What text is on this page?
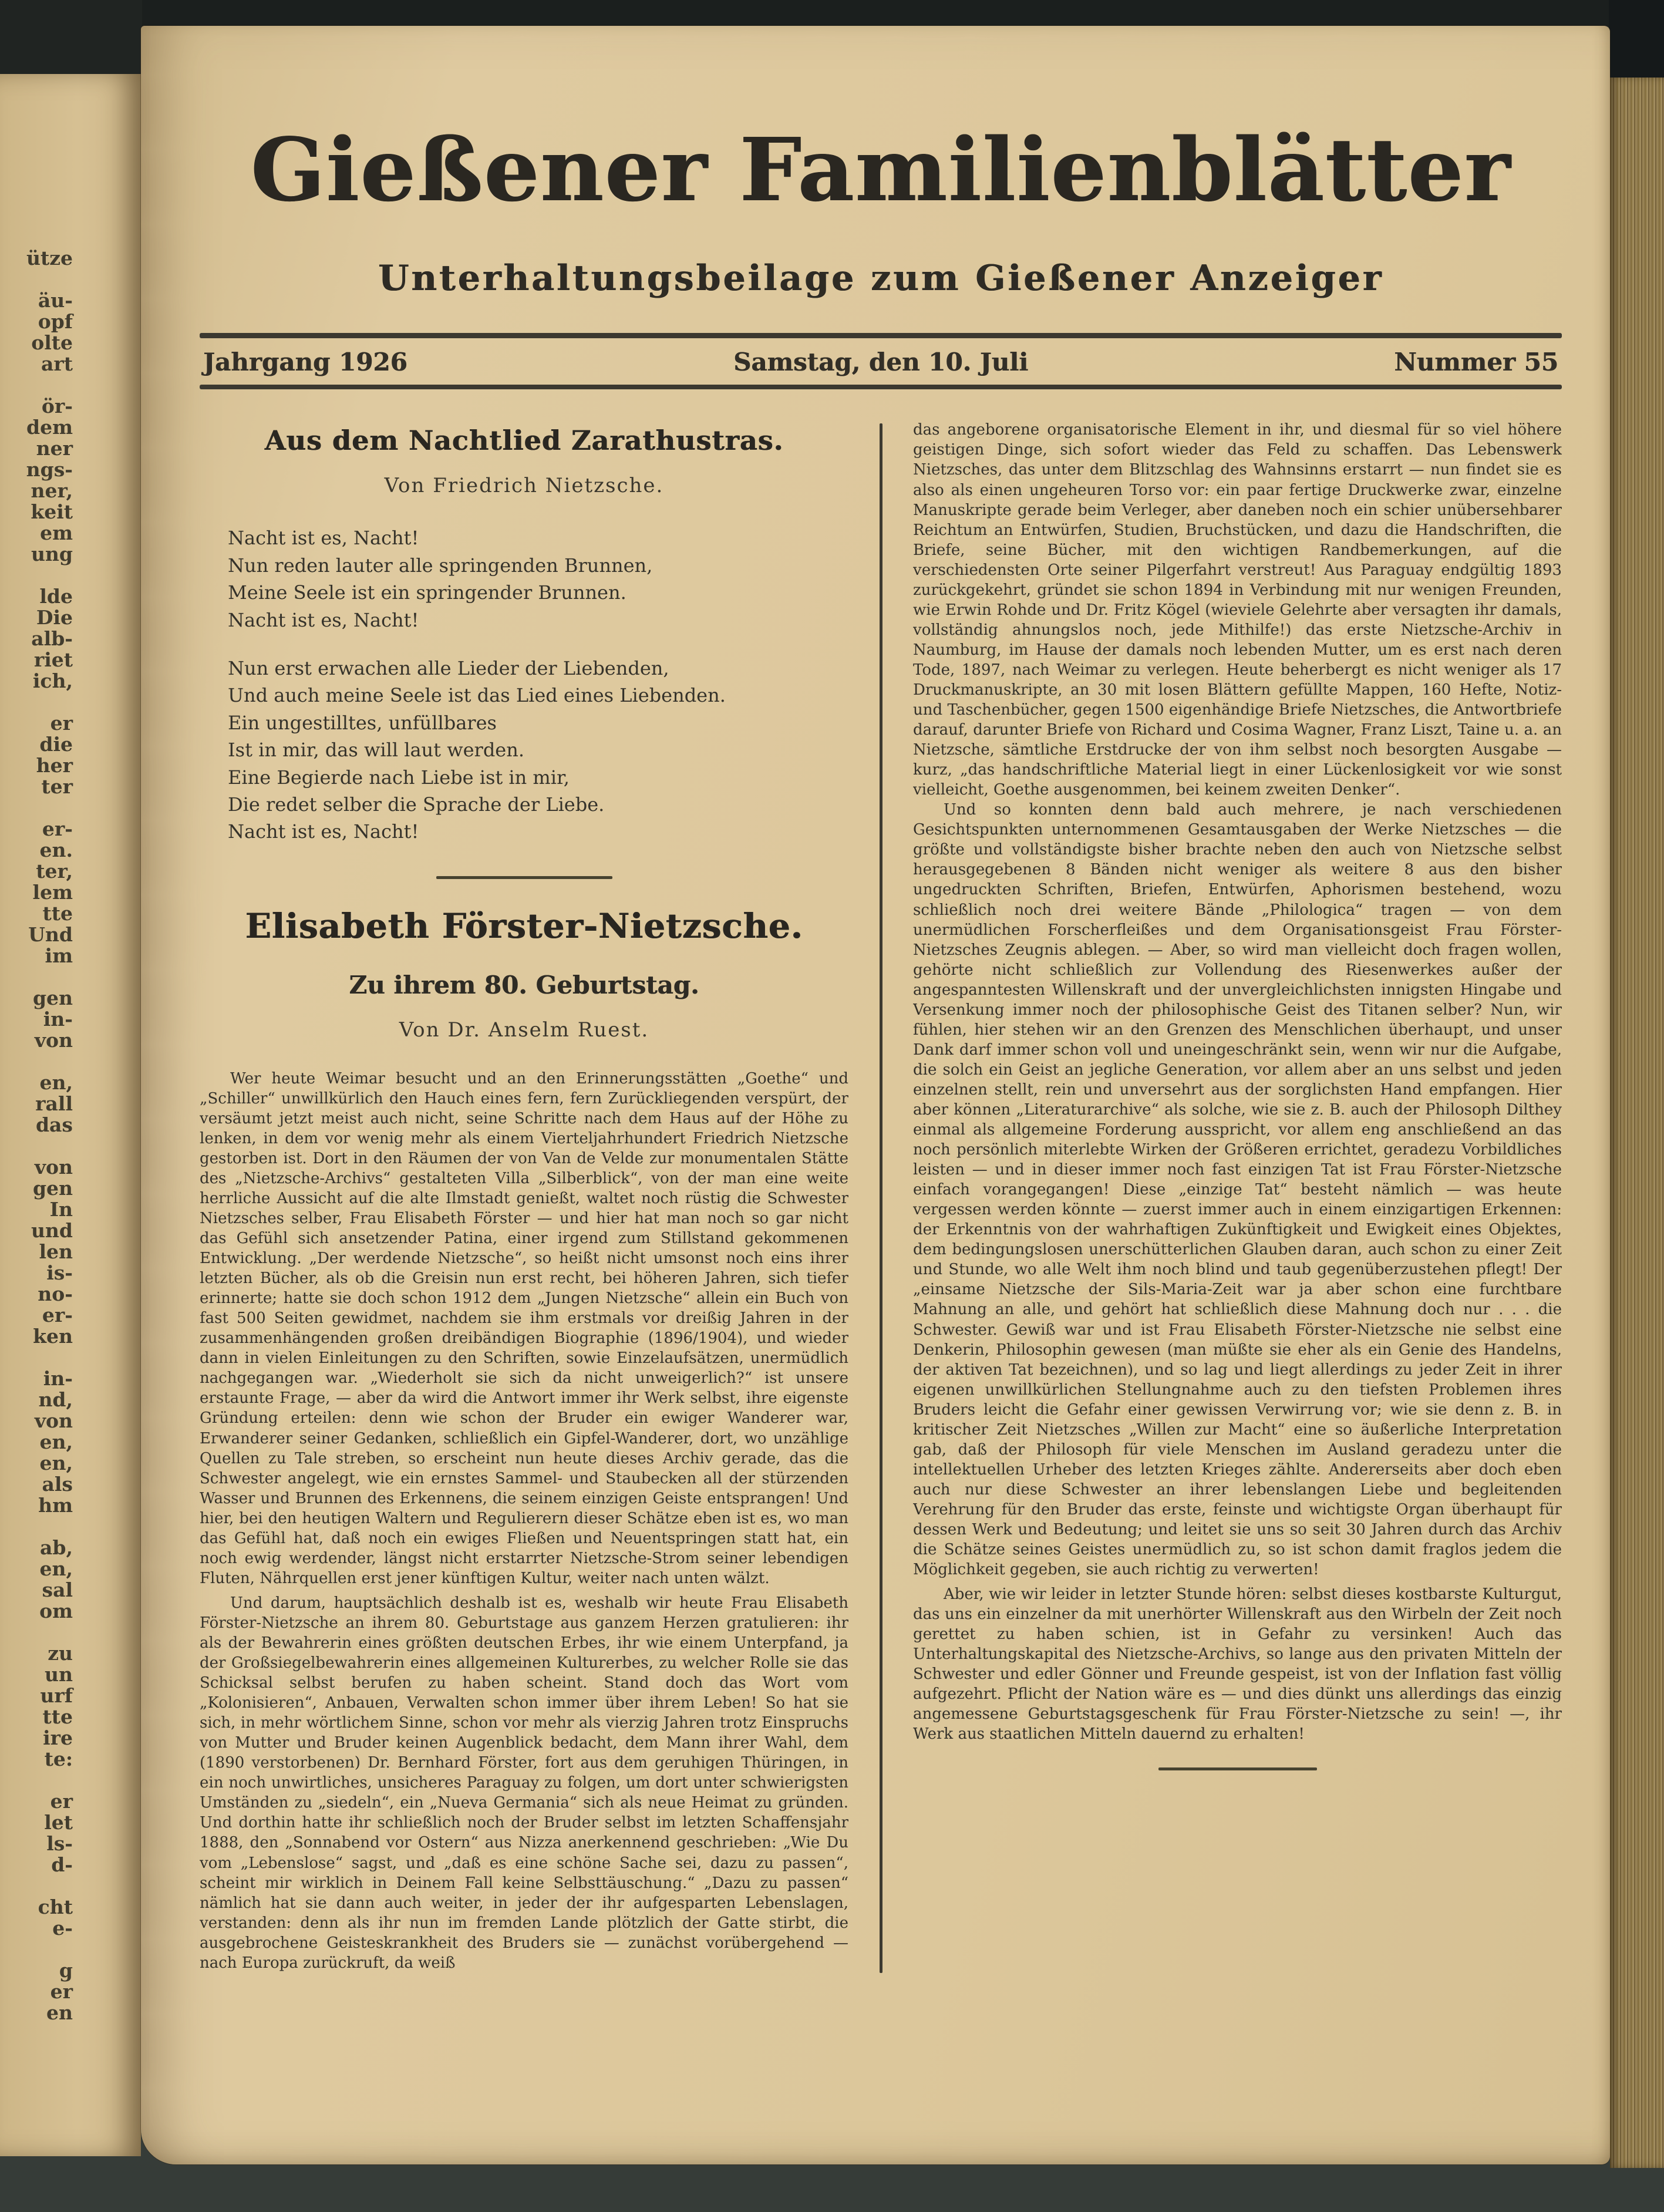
ütze
äu-
opf
olte
art
ör-
dem
ner
ngs-
ner,
keit
em
ung
lde
Die
alb-
riet
ich,
er
die
her
ter
er-
en.
ter,
lem
tte
Und
im
gen
in-
von
en,
rall
das
von
gen
In
und
len
is-
no-
er-
ken
in-
nd,
von
en,
en,
als
hm
ab,
en,
sal
om
zu
un
urf
tte
ire
te:
er
let
ls-
d-
cht
e-
g
er
en
Gießener Familienblätter
Unterhaltungsbeilage zum Gießener Anzeiger
Jahrgang 1926	Samstag, den 10. Juli	Nummer 55
Aus dem Nachtlied Zarathustras.
Von Friedrich Nietzsche.
Nacht ist es, Nacht!
Nun reden lauter alle springenden Brunnen,
Meine Seele ist ein springender Brunnen.
Nacht ist es, Nacht!
Nun erst erwachen alle Lieder der Liebenden,
Und auch meine Seele ist das Lied eines Liebenden.
Ein ungestilltes, unfüllbares
Ist in mir, das will laut werden.
Eine Begierde nach Liebe ist in mir,
Die redet selber die Sprache der Liebe.
Nacht ist es, Nacht!
Elisabeth Förster-Nietzsche.
Zu ihrem 80. Geburtstag.
Von Dr. Anselm Ruest.

Wer heute Weimar besucht und an den Erinnerungsstätten „Goethe“ und „Schiller“ unwillkürlich den Hauch eines fern, fern Zurückliegenden verspürt, der versäumt jetzt meist auch nicht, seine Schritte nach dem Haus auf der Höhe zu lenken, in dem vor wenig mehr als einem Vierteljahrhundert Friedrich Nietzsche gestorben ist. Dort in den Räumen der von Van de Velde zur monumentalen Stätte des „Nietzsche-Archivs“ gestalteten Villa „Silberblick“, von der man eine weite herrliche Aussicht auf die alte Ilmstadt genießt, waltet noch rüstig die Schwester Nietzsches selber, Frau Elisabeth Förster — und hier hat man noch so gar nicht das Gefühl sich ansetzender Patina, einer irgend zum Stillstand gekommenen Entwicklung. „Der werdende Nietzsche“, so heißt nicht umsonst noch eins ihrer letzten Bücher, als ob die Greisin nun erst recht, bei höheren Jahren, sich tiefer erinnerte; hatte sie doch schon 1912 dem „Jungen Nietzsche“ allein ein Buch von fast 500 Seiten gewidmet, nachdem sie ihm erstmals vor dreißig Jahren in der zusammenhängenden großen dreibändigen Biographie (1896/1904), und wieder dann in vielen Einleitungen zu den Schriften, sowie Einzelaufsätzen, unermüdlich nachgegangen war. „Wiederholt sie sich da nicht unweigerlich?“ ist unsere erstaunte Frage, — aber da wird die Antwort immer ihr Werk selbst, ihre eigenste Gründung erteilen: denn wie schon der Bruder ein ewiger Wanderer war, Erwanderer seiner Gedanken, schließlich ein Gipfel-Wanderer, dort, wo unzählige Quellen zu Tale streben, so erscheint nun heute dieses Archiv gerade, das die Schwester angelegt, wie ein ernstes Sammel- und Staubecken all der stürzenden Wasser und Brunnen des Erkennens, die seinem einzigen Geiste entsprangen! Und hier, bei den heutigen Waltern und Regulierern dieser Schätze eben ist es, wo man das Gefühl hat, daß noch ein ewiges Fließen und Neuentspringen statt hat, ein noch ewig werdender, längst nicht erstarrter Nietzsche-Strom seiner lebendigen Fluten, Nährquellen erst jener künftigen Kultur, weiter nach unten wälzt.

Und darum, hauptsächlich deshalb ist es, weshalb wir heute Frau Elisabeth Förster-Nietzsche an ihrem 80. Geburtstage aus ganzem Herzen gratulieren: ihr als der Bewahrerin eines größten deutschen Erbes, ihr wie einem Unterpfand, ja der Großsiegelbewahrerin eines allgemeinen Kulturerbes, zu welcher Rolle sie das Schicksal selbst berufen zu haben scheint. Stand doch das Wort vom „Kolonisieren“, Anbauen, Verwalten schon immer über ihrem Leben! So hat sie sich, in mehr wörtlichem Sinne, schon vor mehr als vierzig Jahren trotz Einspruchs von Mutter und Bruder keinen Augenblick bedacht, dem Mann ihrer Wahl, dem (1890 verstorbenen) Dr. Bernhard Förster, fort aus dem geruhigen Thüringen, in ein noch unwirtliches, unsicheres Paraguay zu folgen, um dort unter schwierigsten Umständen zu „siedeln“, ein „Nueva Germania“ sich als neue Heimat zu gründen. Und dorthin hatte ihr schließlich noch der Bruder selbst im letzten Schaffensjahr 1888, den „Sonnabend vor Ostern“ aus Nizza anerkennend geschrieben: „Wie Du vom „Lebenslose“ sagst, und „daß es eine schöne Sache sei, dazu zu passen“, scheint mir wirklich in Deinem Fall keine Selbsttäuschung.“ „Dazu zu passen“ nämlich hat sie dann auch weiter, in jeder der ihr aufgesparten Lebenslagen, verstanden: denn als ihr nun im fremden Lande plötzlich der Gatte stirbt, die ausgebrochene Geisteskrankheit des Bruders sie — zunächst vorübergehend — nach Europa zurückruft, da weiß

das angeborene organisatorische Element in ihr, und diesmal für so viel höhere geistigen Dinge, sich sofort wieder das Feld zu schaffen. Das Lebenswerk Nietzsches, das unter dem Blitzschlag des Wahnsinns erstarrt — nun findet sie es also als einen ungeheuren Torso vor: ein paar fertige Druckwerke zwar, einzelne Manuskripte gerade beim Verleger, aber daneben noch ein schier unübersehbarer Reichtum an Entwürfen, Studien, Bruchstücken, und dazu die Handschriften, die Briefe, seine Bücher, mit den wichtigen Randbemerkungen, auf die verschiedensten Orte seiner Pilgerfahrt verstreut! Aus Paraguay endgültig 1893 zurückgekehrt, gründet sie schon 1894 in Verbindung mit nur wenigen Freunden, wie Erwin Rohde und Dr. Fritz Kögel (wieviele Gelehrte aber versagten ihr damals, vollständig ahnungslos noch, jede Mithilfe!) das erste Nietzsche-Archiv in Naumburg, im Hause der damals noch lebenden Mutter, um es erst nach deren Tode, 1897, nach Weimar zu verlegen. Heute beherbergt es nicht weniger als 17 Druckmanuskripte, an 30 mit losen Blättern gefüllte Mappen, 160 Hefte, Notiz- und Taschenbücher, gegen 1500 eigenhändige Briefe Nietzsches, die Antwortbriefe darauf, darunter Briefe von Richard und Cosima Wagner, Franz Liszt, Taine u. a. an Nietzsche, sämtliche Erstdrucke der von ihm selbst noch besorgten Ausgabe — kurz, „das handschriftliche Material liegt in einer Lückenlosigkeit vor wie sonst vielleicht, Goethe ausgenommen, bei keinem zweiten Denker“.

Und so konnten denn bald auch mehrere, je nach verschiedenen Gesichtspunkten unternommenen Gesamtausgaben der Werke Nietzsches — die größte und vollständigste bisher brachte neben den auch von Nietzsche selbst herausgegebenen 8 Bänden nicht weniger als weitere 8 aus den bisher ungedruckten Schriften, Briefen, Entwürfen, Aphorismen bestehend, wozu schließlich noch drei weitere Bände „Philologica“ tragen — von dem unermüdlichen Forscherfleißes und dem Organisationsgeist Frau Förster-Nietzsches Zeugnis ablegen. — Aber, so wird man vielleicht doch fragen wollen, gehörte nicht schließlich zur Vollendung des Riesenwerkes außer der angespanntesten Willenskraft und der unvergleichlichsten innigsten Hingabe und Versenkung immer noch der philosophische Geist des Titanen selber? Nun, wir fühlen, hier stehen wir an den Grenzen des Menschlichen überhaupt, und unser Dank darf immer schon voll und uneingeschränkt sein, wenn wir nur die Aufgabe, die solch ein Geist an jegliche Generation, vor allem aber an uns selbst und jeden einzelnen stellt, rein und unversehrt aus der sorglichsten Hand empfangen. Hier aber können „Literaturarchive“ als solche, wie sie z. B. auch der Philosoph Dilthey einmal als allgemeine Forderung ausspricht, vor allem eng anschließend an das noch persönlich miterlebte Wirken der Größeren errichtet, geradezu Vorbildliches leisten — und in dieser immer noch fast einzigen Tat ist Frau Förster-Nietzsche einfach vorangegangen! Diese „einzige Tat“ besteht nämlich — was heute vergessen werden könnte — zuerst immer auch in einem einzigartigen Erkennen: der Erkenntnis von der wahrhaftigen Zukünftigkeit und Ewigkeit eines Objektes, dem bedingungslosen unerschütterlichen Glauben daran, auch schon zu einer Zeit und Stunde, wo alle Welt ihm noch blind und taub gegenüberzustehen pflegt! Der „einsame Nietzsche der Sils-Maria-Zeit war ja aber schon eine furchtbare Mahnung an alle, und gehört hat schließlich diese Mahnung doch nur . . . die Schwester. Gewiß war und ist Frau Elisabeth Förster-Nietzsche nie selbst eine Denkerin, Philosophin gewesen (man müßte sie eher als ein Genie des Handelns, der aktiven Tat bezeichnen), und so lag und liegt allerdings zu jeder Zeit in ihrer eigenen unwillkürlichen Stellungnahme auch zu den tiefsten Problemen ihres Bruders leicht die Gefahr einer gewissen Verwirrung vor; wie sie denn z. B. in kritischer Zeit Nietzsches „Willen zur Macht“ eine so äußerliche Interpretation gab, daß der Philosoph für viele Menschen im Ausland geradezu unter die intellektuellen Urheber des letzten Krieges zählte. Andererseits aber doch eben auch nur diese Schwester an ihrer lebenslangen Liebe und begleitenden Verehrung für den Bruder das erste, feinste und wichtigste Organ überhaupt für dessen Werk und Bedeutung; und leitet sie uns so seit 30 Jahren durch das Archiv die Schätze seines Geistes unermüdlich zu, so ist schon damit fraglos jedem die Möglichkeit gegeben, sie auch richtig zu verwerten!

Aber, wie wir leider in letzter Stunde hören: selbst dieses kostbarste Kulturgut, das uns ein einzelner da mit unerhörter Willenskraft aus den Wirbeln der Zeit noch gerettet zu haben schien, ist in Gefahr zu versinken! Auch das Unterhaltungskapital des Nietzsche-Archivs, so lange aus den privaten Mitteln der Schwester und edler Gönner und Freunde gespeist, ist von der Inflation fast völlig aufgezehrt. Pflicht der Nation wäre es — und dies dünkt uns allerdings das einzig angemessene Geburtstagsgeschenk für Frau Förster-Nietzsche zu sein! —, ihr Werk aus staatlichen Mitteln dauernd zu erhalten!
